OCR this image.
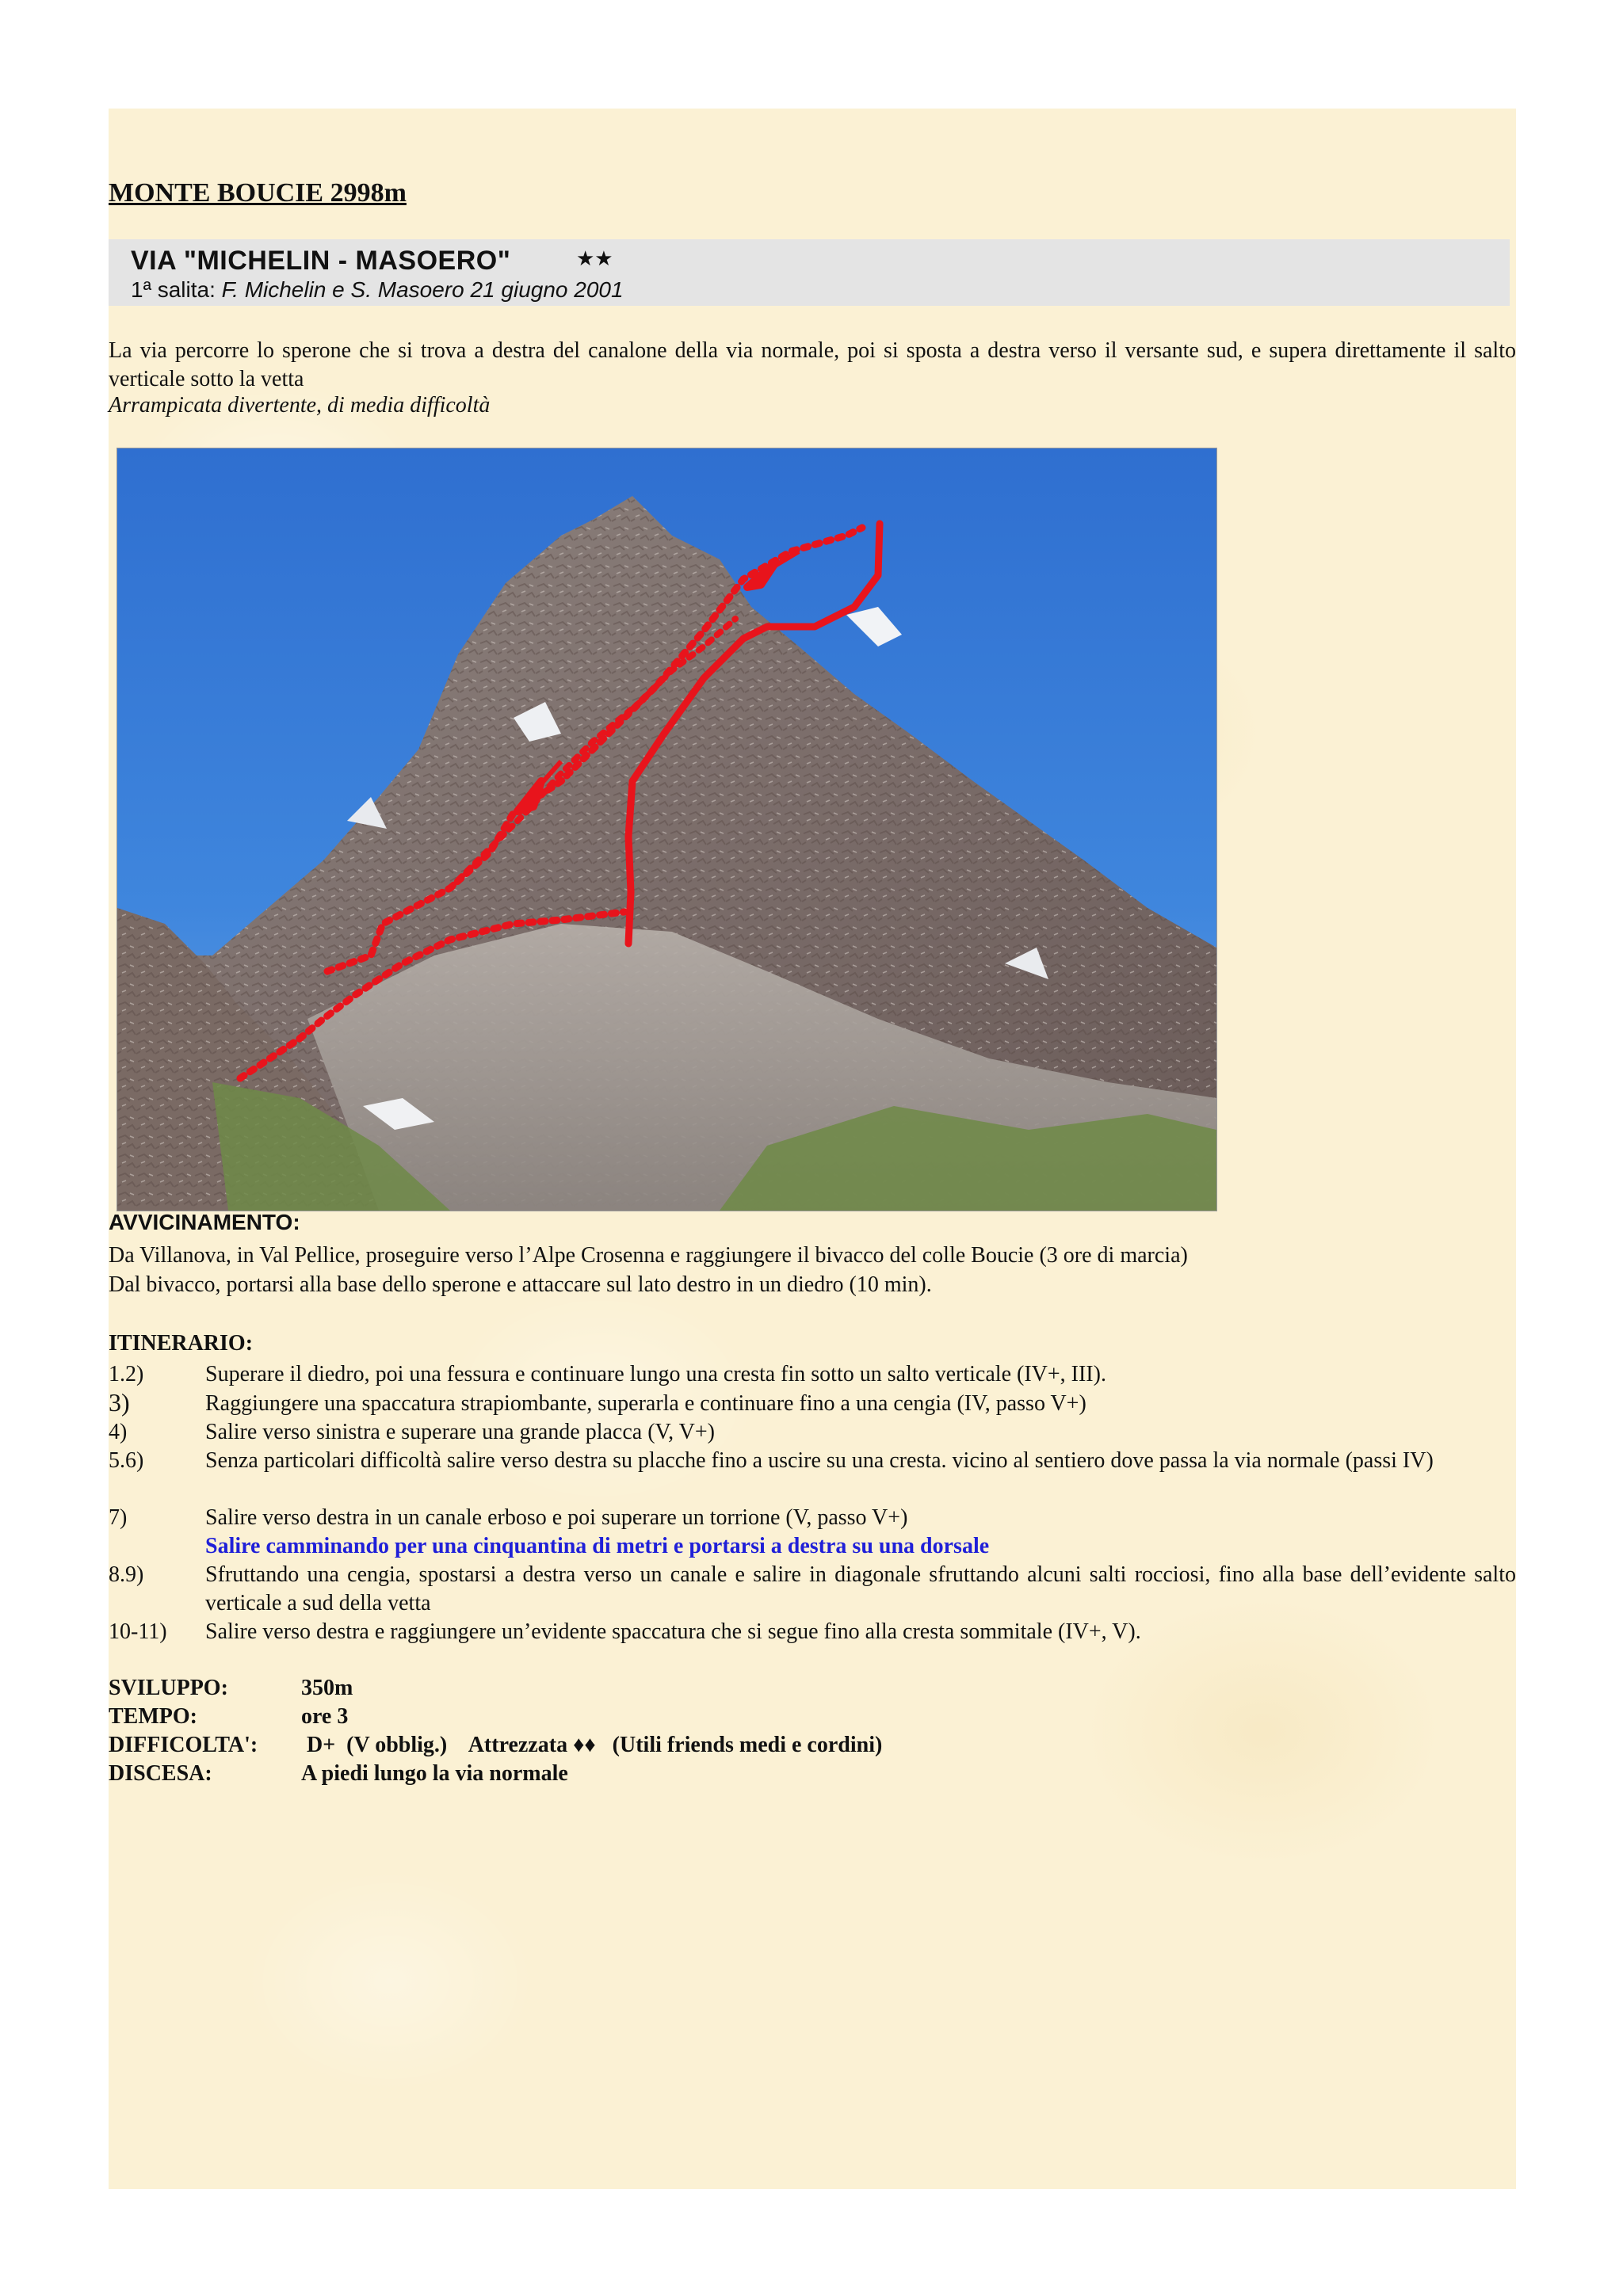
MONTE BOUCIE 2998m
VIA "MICHELIN - MASOERO"	★★
1ª salita: F. Michelin e S. Masoero 21 giugno 2001
La via percorre lo sperone che si trova a destra del canalone della via normale, poi si sposta a destra verso il versante sud, e supera direttamente il salto verticale sotto la vetta
Arrampicata divertente, di media difficoltà
AVVICINAMENTO:
Da Villanova, in Val Pellice, proseguire verso l’Alpe Crosenna e raggiungere il bivacco del colle Boucie (3 ore di marcia)
Dal bivacco, portarsi alla base dello sperone e attaccare sul lato destro in un diedro (10 min).
ITINERARIO:
1.2)	Superare il diedro, poi una fessura e continuare lungo una cresta fin sotto un salto verticale (IV+, III).
3)	Raggiungere una spaccatura strapiombante, superarla e continuare fino a una cengia (IV, passo V+)
4)	Salire verso sinistra e superare una grande placca (V, V+)
5.6)	Senza particolari difficoltà salire verso destra su placche fino a uscire su una cresta. vicino al sentiero dove passa la via normale (passi IV)
7)	Salire verso destra in un canale erboso e poi superare un torrione (V, passo V+)
Salire camminando per una cinquantina di metri e portarsi a destra su una dorsale
8.9)	Sfruttando una cengia, spostarsi a destra verso un canale e salire in diagonale sfruttando alcuni salti rocciosi, fino alla base dell’evidente salto verticale a sud della vetta
10-11) Salire verso destra e raggiungere un’evidente spaccatura che si segue fino alla cresta sommitale (IV+, V).
SVILUPPO:	350m
TEMPO:	ore 3
DIFFICOLTA': D+  (V obblig.)    Attrezzata ♦♦   (Utili friends medi e cordini)
DISCESA:	A piedi lungo la via normale
